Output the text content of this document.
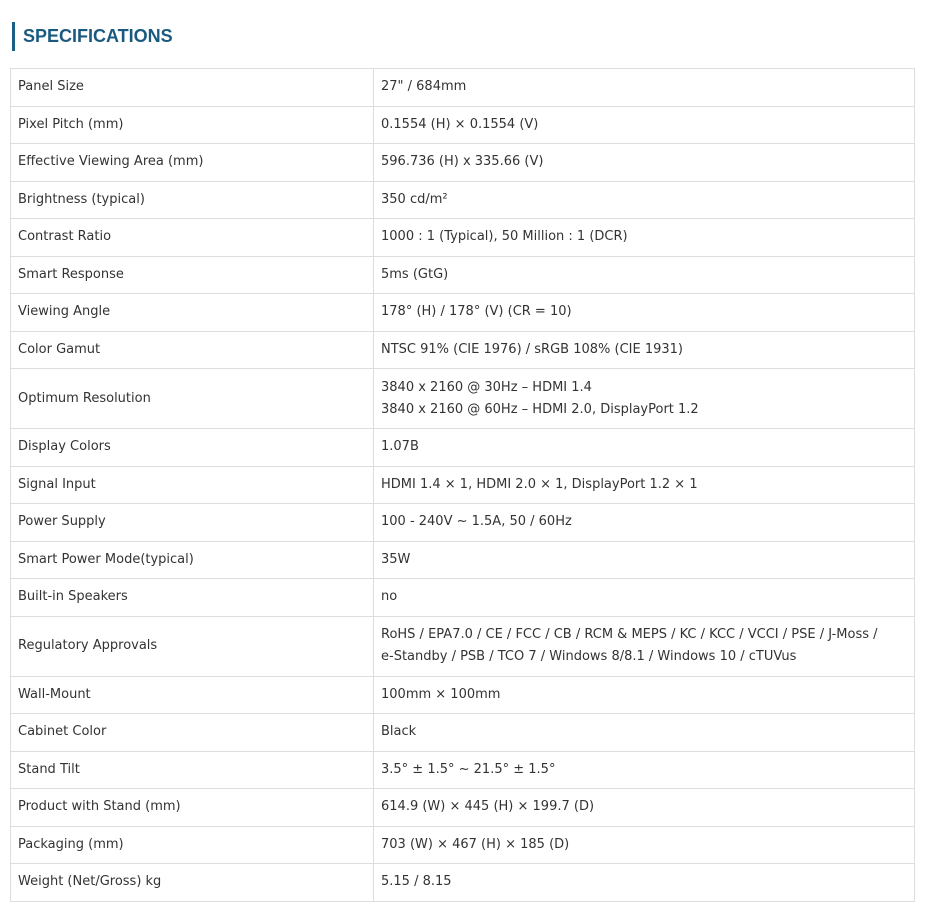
SPECIFICATIONS
Panel Size	27" / 684mm

Pixel Pitch (mm)	0.1554 (H) × 0.1554 (V)

Effective Viewing Area (mm)	596.736 (H) x 335.66 (V)

Brightness (typical)	350 cd/m²

Contrast Ratio	1000 : 1 (Typical), 50 Million : 1 (DCR)

Smart Response	5ms (GtG)

Viewing Angle	178° (H) / 178° (V) (CR = 10)

Color Gamut	NTSC 91% (CIE 1976) / sRGB 108% (CIE 1931)

Optimum Resolution	3840 x 2160 @ 30Hz – HDMI 1.4
3840 x 2160 @ 60Hz – HDMI 2.0, DisplayPort 1.2

Display Colors	1.07B

Signal Input	HDMI 1.4 × 1, HDMI 2.0 × 1, DisplayPort 1.2 × 1

Power Supply	100 - 240V ~ 1.5A, 50 / 60Hz

Smart Power Mode(typical)	35W

Built-in Speakers	no

Regulatory Approvals	RoHS / EPA7.0 / CE / FCC / CB / RCM & MEPS / KC / KCC / VCCI / PSE / J-Moss /
e-Standby / PSB / TCO 7 / Windows 8/8.1 / Windows 10 / cTUVus

Wall-Mount	100mm × 100mm

Cabinet Color	Black

Stand Tilt	3.5° ± 1.5° ~ 21.5° ± 1.5°

Product with Stand (mm)	614.9 (W) × 445 (H) × 199.7 (D)

Packaging (mm)	703 (W) × 467 (H) × 185 (D)

Weight (Net/Gross) kg	5.15 / 8.15
